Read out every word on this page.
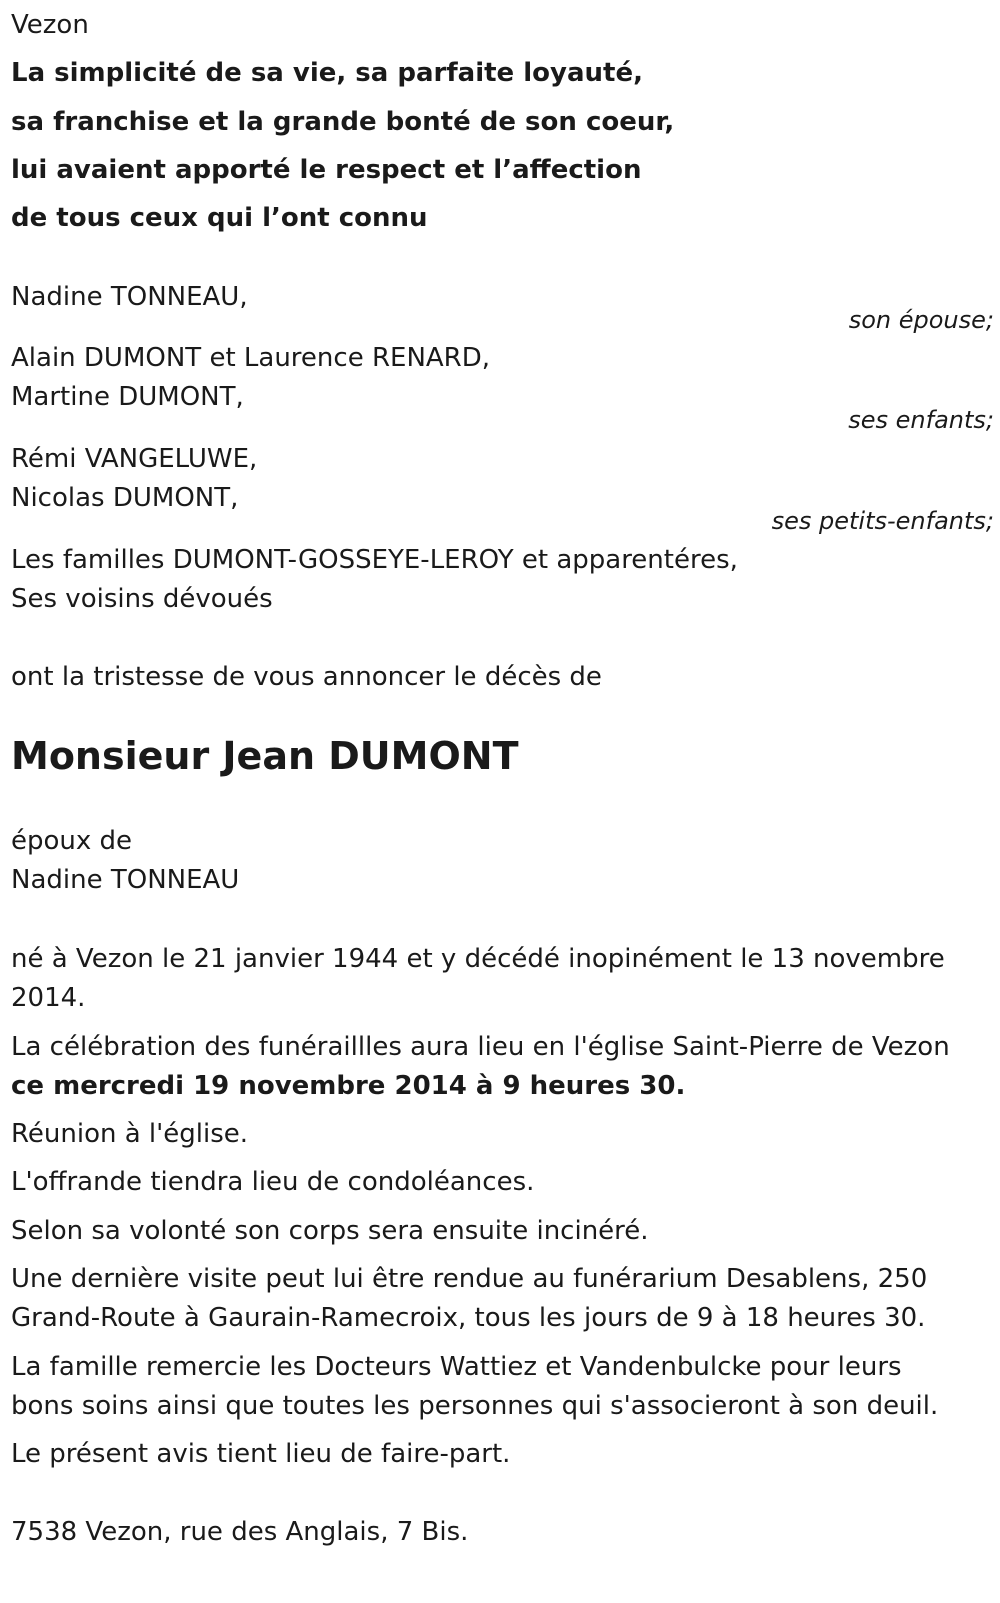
Vezon
La simplicité de sa vie, sa parfaite loyauté,
sa franchise et la grande bonté de son coeur,
lui avaient apporté le respect et l’affection
de tous ceux qui l’ont connu
Nadine TONNEAU,
son épouse;
Alain DUMONT et Laurence RENARD,
Martine DUMONT,
ses enfants;
Rémi VANGELUWE,
Nicolas DUMONT,
ses petits-enfants;
Les familles DUMONT-GOSSEYE-LEROY et apparentéres,
Ses voisins dévoués
ont la tristesse de vous annoncer le décès de
Monsieur Jean DUMONT
époux de
Nadine TONNEAU
né à Vezon le 21 janvier 1944 et y décédé inopinément le 13 novembre
2014.
La célébration des funéraillles aura lieu en l'église Saint-Pierre de Vezon
ce mercredi 19 novembre 2014 à 9 heures 30.
Réunion à l'église.
L'offrande tiendra lieu de condoléances.
Selon sa volonté son corps sera ensuite incinéré.
Une dernière visite peut lui être rendue au funérarium Desablens, 250
Grand-Route à Gaurain-Ramecroix, tous les jours de 9 à 18 heures 30.
La famille remercie les Docteurs Wattiez et Vandenbulcke pour leurs
bons soins ainsi que toutes les personnes qui s'associeront à son deuil.
Le présent avis tient lieu de faire-part.
7538 Vezon, rue des Anglais, 7 Bis.
